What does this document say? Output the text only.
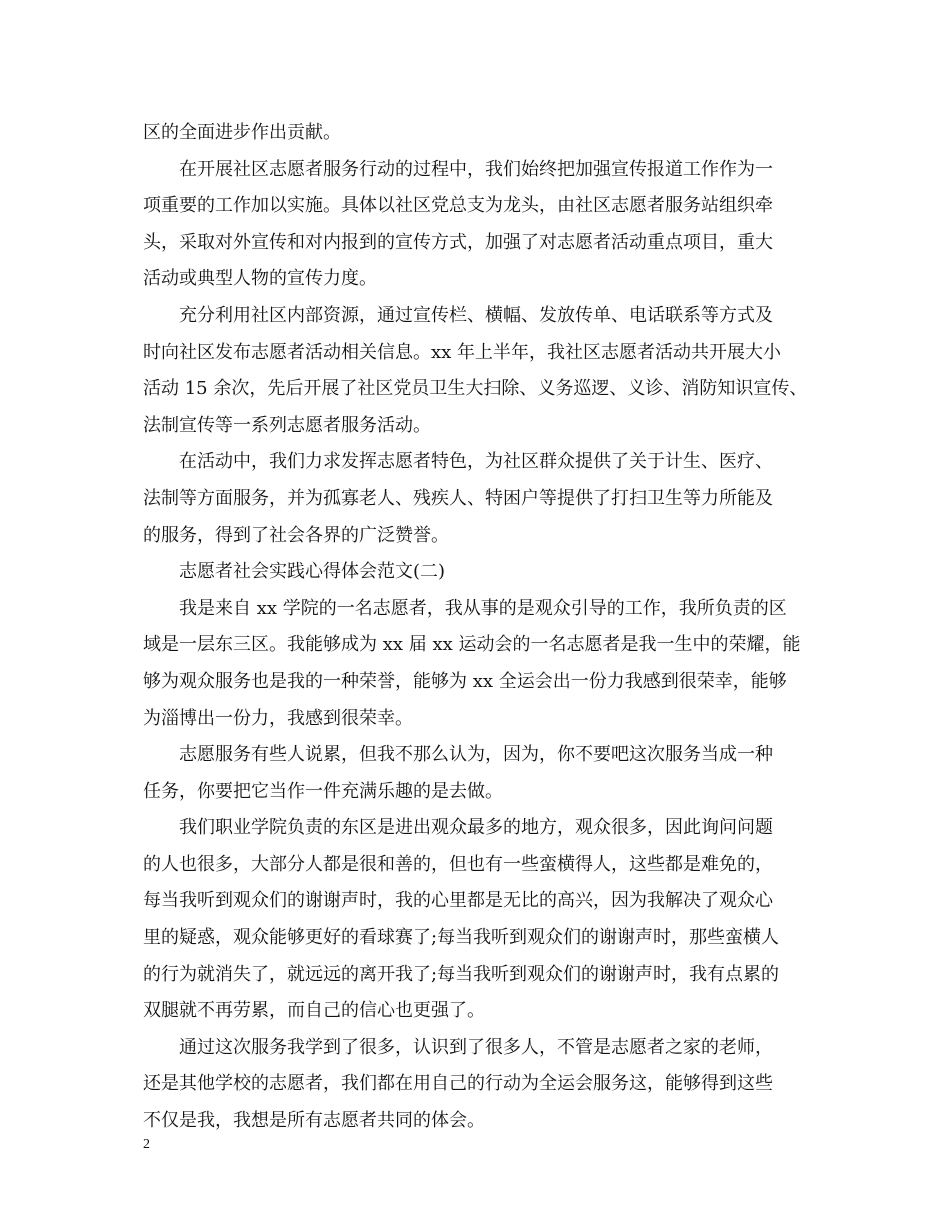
区的全面进步作出贡献。
在开展社区志愿者服务行动的过程中，我们始终把加强宣传报道工作作为一
项重要的工作加以实施。具体以社区党总支为龙头，由社区志愿者服务站组织牵
头，采取对外宣传和对内报到的宣传方式，加强了对志愿者活动重点项目，重大
活动或典型人物的宣传力度。
充分利用社区内部资源，通过宣传栏、横幅、发放传单、电话联系等方式及
时向社区发布志愿者活动相关信息。xx 年上半年，我社区志愿者活动共开展大小
活动 15 余次，先后开展了社区党员卫生大扫除、义务巡逻、义诊、消防知识宣传、
法制宣传等一系列志愿者服务活动。
在活动中，我们力求发挥志愿者特色，为社区群众提供了关于计生、医疗、
法制等方面服务，并为孤寡老人、残疾人、特困户等提供了打扫卫生等力所能及
的服务，得到了社会各界的广泛赞誉。
志愿者社会实践心得体会范文(二)
我是来自 xx 学院的一名志愿者，我从事的是观众引导的工作，我所负责的区
域是一层东三区。我能够成为 xx 届 xx 运动会的一名志愿者是我一生中的荣耀，能
够为观众服务也是我的一种荣誉，能够为 xx 全运会出一份力我感到很荣幸，能够
为淄博出一份力，我感到很荣幸。
志愿服务有些人说累，但我不那么认为，因为，你不要吧这次服务当成一种
任务，你要把它当作一件充满乐趣的是去做。
我们职业学院负责的东区是进出观众最多的地方，观众很多，因此询问问题
的人也很多，大部分人都是很和善的，但也有一些蛮横得人，这些都是难免的，
每当我听到观众们的谢谢声时，我的心里都是无比的高兴，因为我解决了观众心
里的疑惑，观众能够更好的看球赛了;每当我听到观众们的谢谢声时，那些蛮横人
的行为就消失了，就远远的离开我了;每当我听到观众们的谢谢声时，我有点累的
双腿就不再劳累，而自己的信心也更强了。
通过这次服务我学到了很多，认识到了很多人，不管是志愿者之家的老师，
还是其他学校的志愿者，我们都在用自己的行动为全运会服务这，能够得到这些
不仅是我，我想是所有志愿者共同的体会。
2
